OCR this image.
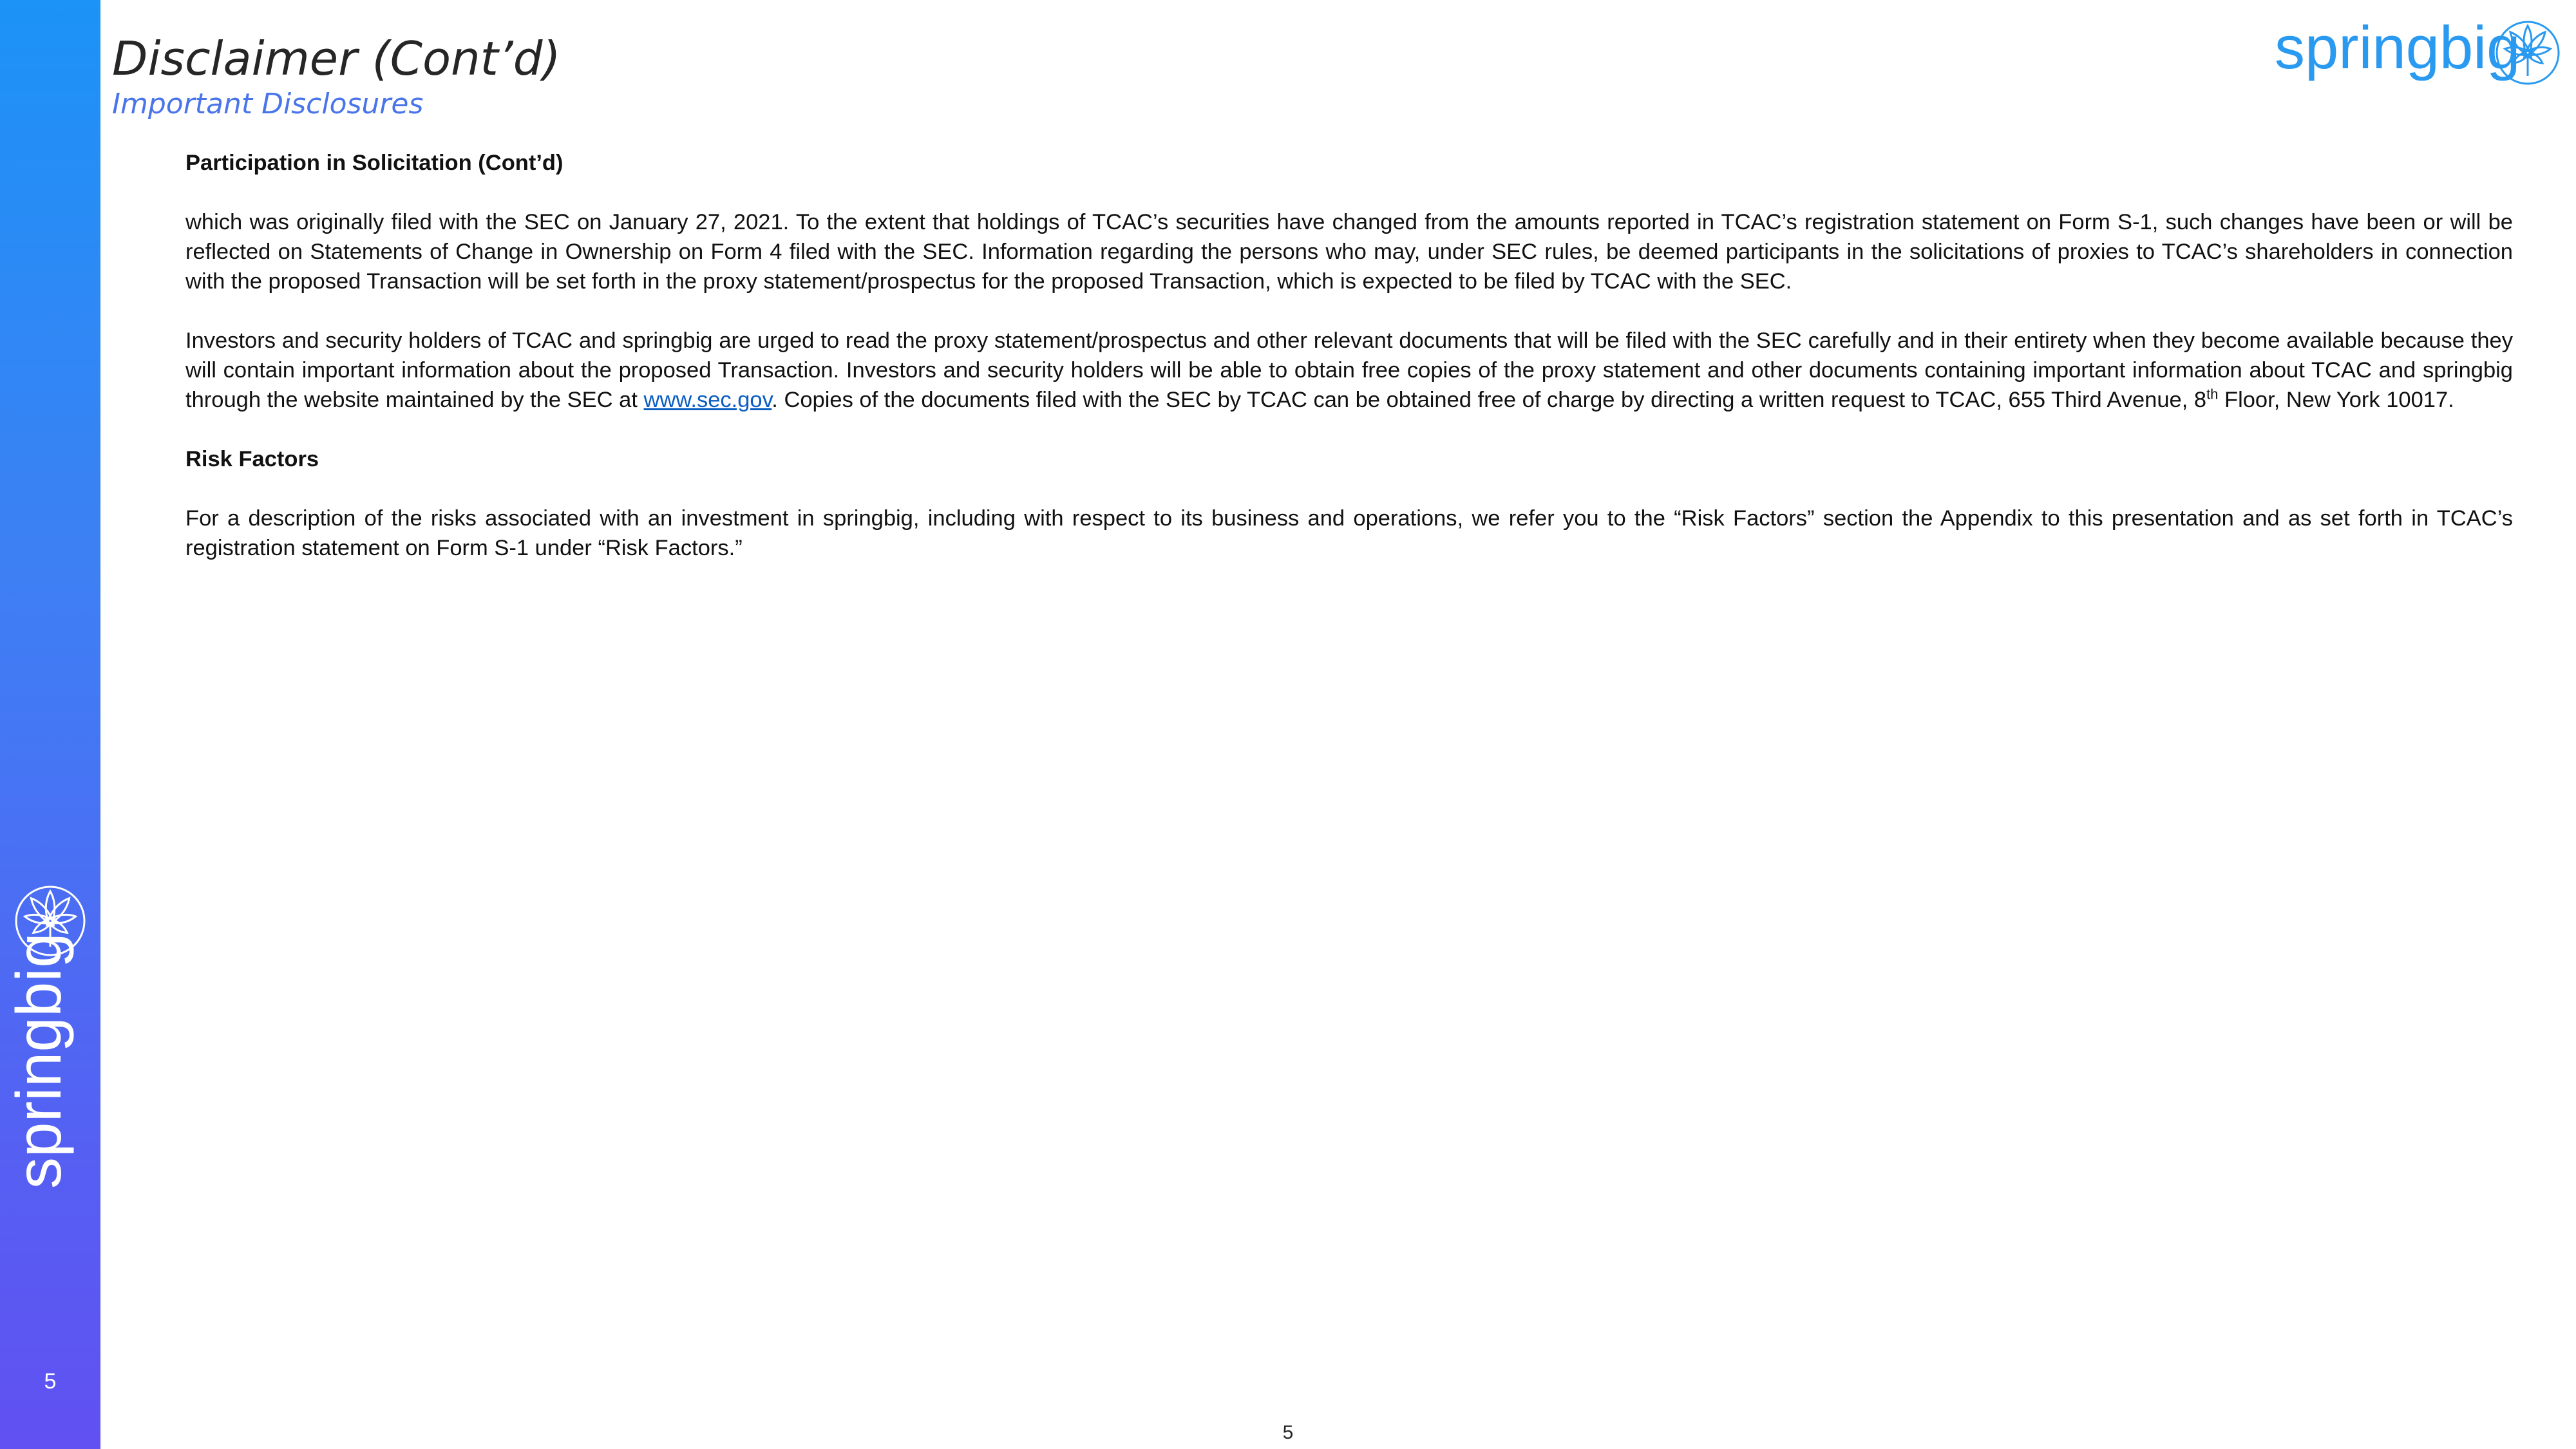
springbig
5
Disclaimer (Cont’d)
Important Disclosures
springbig
Participation in Solicitation (Cont’d)

which was originally filed with the SEC on January 27, 2021. To the extent that holdings of TCAC’s securities have changed from the amounts reported in TCAC’s registration statement on Form S-1, such changes have been or will be reflected on Statements of Change in Ownership on Form 4 filed with the SEC. Information regarding the persons who may, under SEC rules, be deemed participants in the solicitations of proxies to TCAC’s shareholders in connection with the proposed Transaction will be set forth in the proxy statement/prospectus for the proposed Transaction, which is expected to be filed by TCAC with the SEC.

Investors and security holders of TCAC and springbig are urged to read the proxy statement/prospectus and other relevant documents that will be filed with the SEC carefully and in their entirety when they become available because they will contain important information about the proposed Transaction. Investors and security holders will be able to obtain free copies of the proxy statement and other documents containing important information about TCAC and springbig through the website maintained by the SEC at www.sec.gov. Copies of the documents filed with the SEC by TCAC can be obtained free of charge by directing a written request to TCAC, 655 Third Avenue, 8th Floor, New York 10017.

Risk Factors

For a description of the risks associated with an investment in springbig, including with respect to its business and operations, we refer you to the “Risk Factors” section the Appendix to this presentation and as set forth in TCAC’s registration statement on Form S-1 under “Risk Factors.”

5
